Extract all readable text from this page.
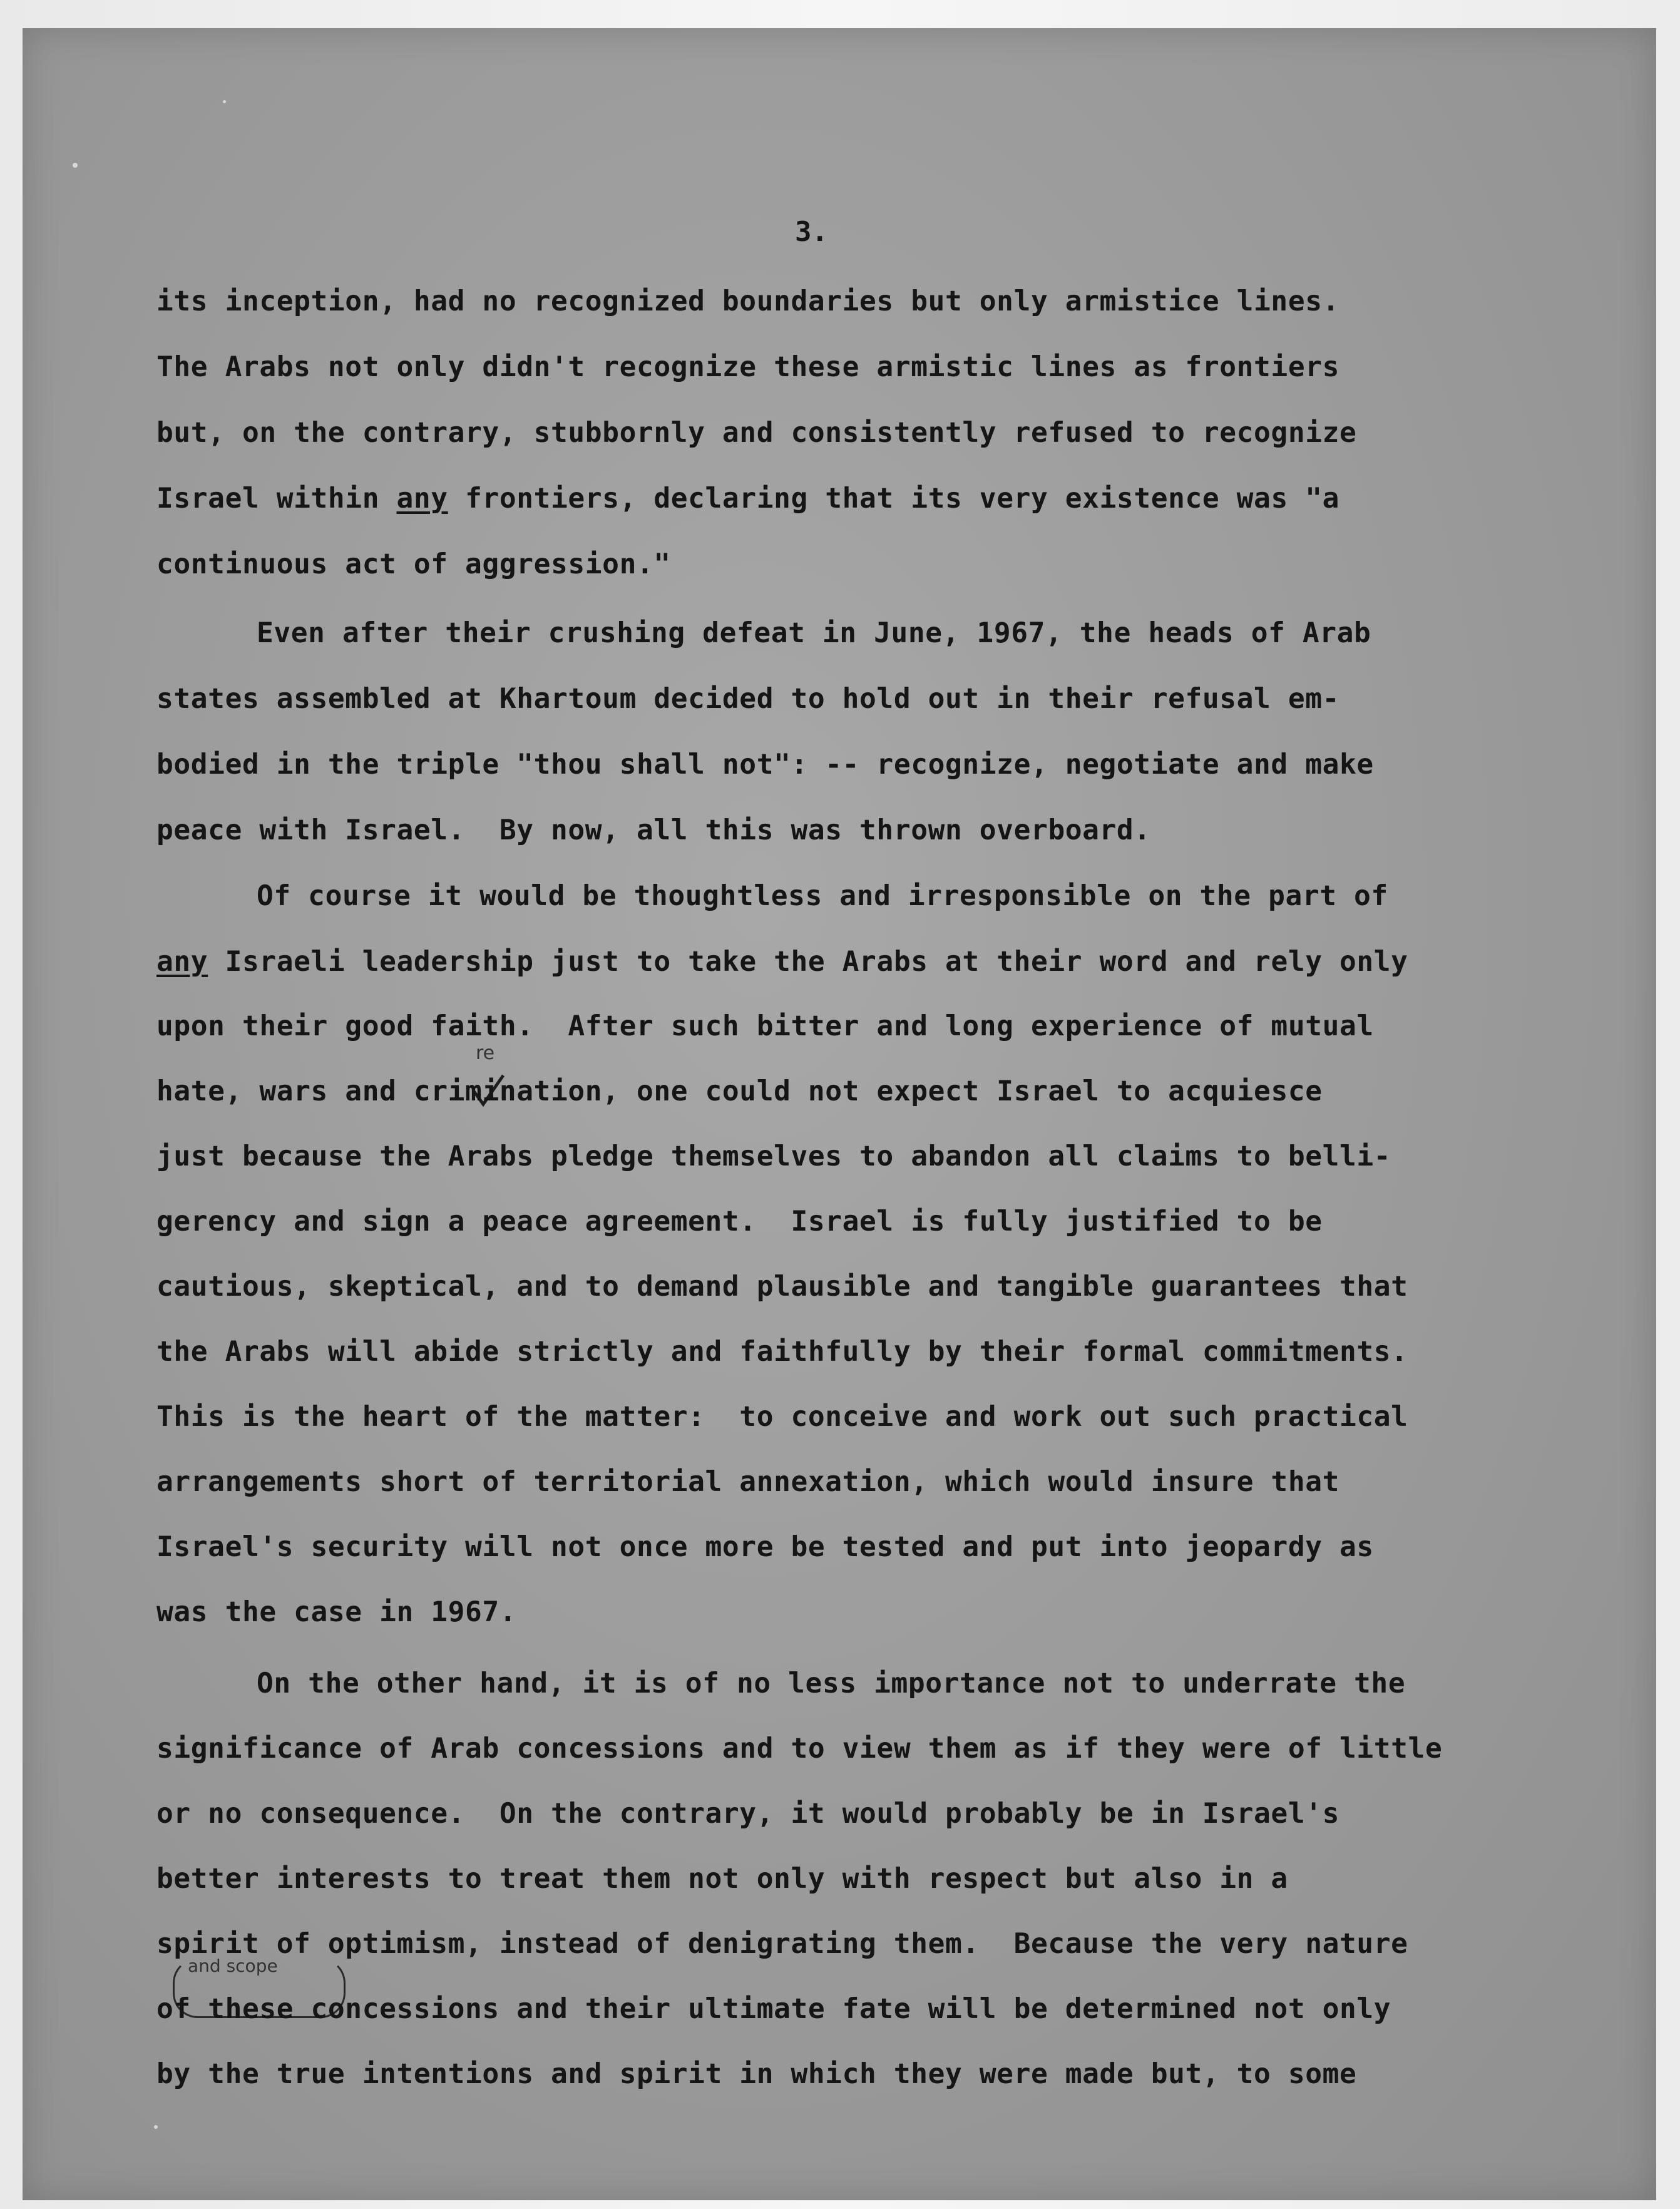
3.
its inception, had no recognized boundaries but only armistice lines.
The Arabs not only didn't recognize these armistic lines as frontiers
but, on the contrary, stubbornly and consistently refused to recognize
Israel within any frontiers, declaring that its very existence was "a
continuous act of aggression."
Even after their crushing defeat in June, 1967, the heads of Arab
states assembled at Khartoum decided to hold out in their refusal em-
bodied in the triple "thou shall not": -- recognize, negotiate and make
peace with Israel.  By now, all this was thrown overboard.
Of course it would be thoughtless and irresponsible on the part of
any Israeli leadership just to take the Arabs at their word and rely only
upon their good faith.  After such bitter and long experience of mutual
re
hate, wars and crimination, one could not expect Israel to acquiesce
just because the Arabs pledge themselves to abandon all claims to belli-
gerency and sign a peace agreement.  Israel is fully justified to be
cautious, skeptical, and to demand plausible and tangible guarantees that
the Arabs will abide strictly and faithfully by their formal commitments.
This is the heart of the matter:  to conceive and work out such practical
arrangements short of territorial annexation, which would insure that
Israel's security will not once more be tested and put into jeopardy as
was the case in 1967.
On the other hand, it is of no less importance not to underrate the
significance of Arab concessions and to view them as if they were of little
or no consequence.  On the contrary, it would probably be in Israel's
better interests to treat them not only with respect but also in a
spirit of optimism, instead of denigrating them.  Because the very nature
and scope
of these concessions and their ultimate fate will be determined not only
by the true intentions and spirit in which they were made but, to some
